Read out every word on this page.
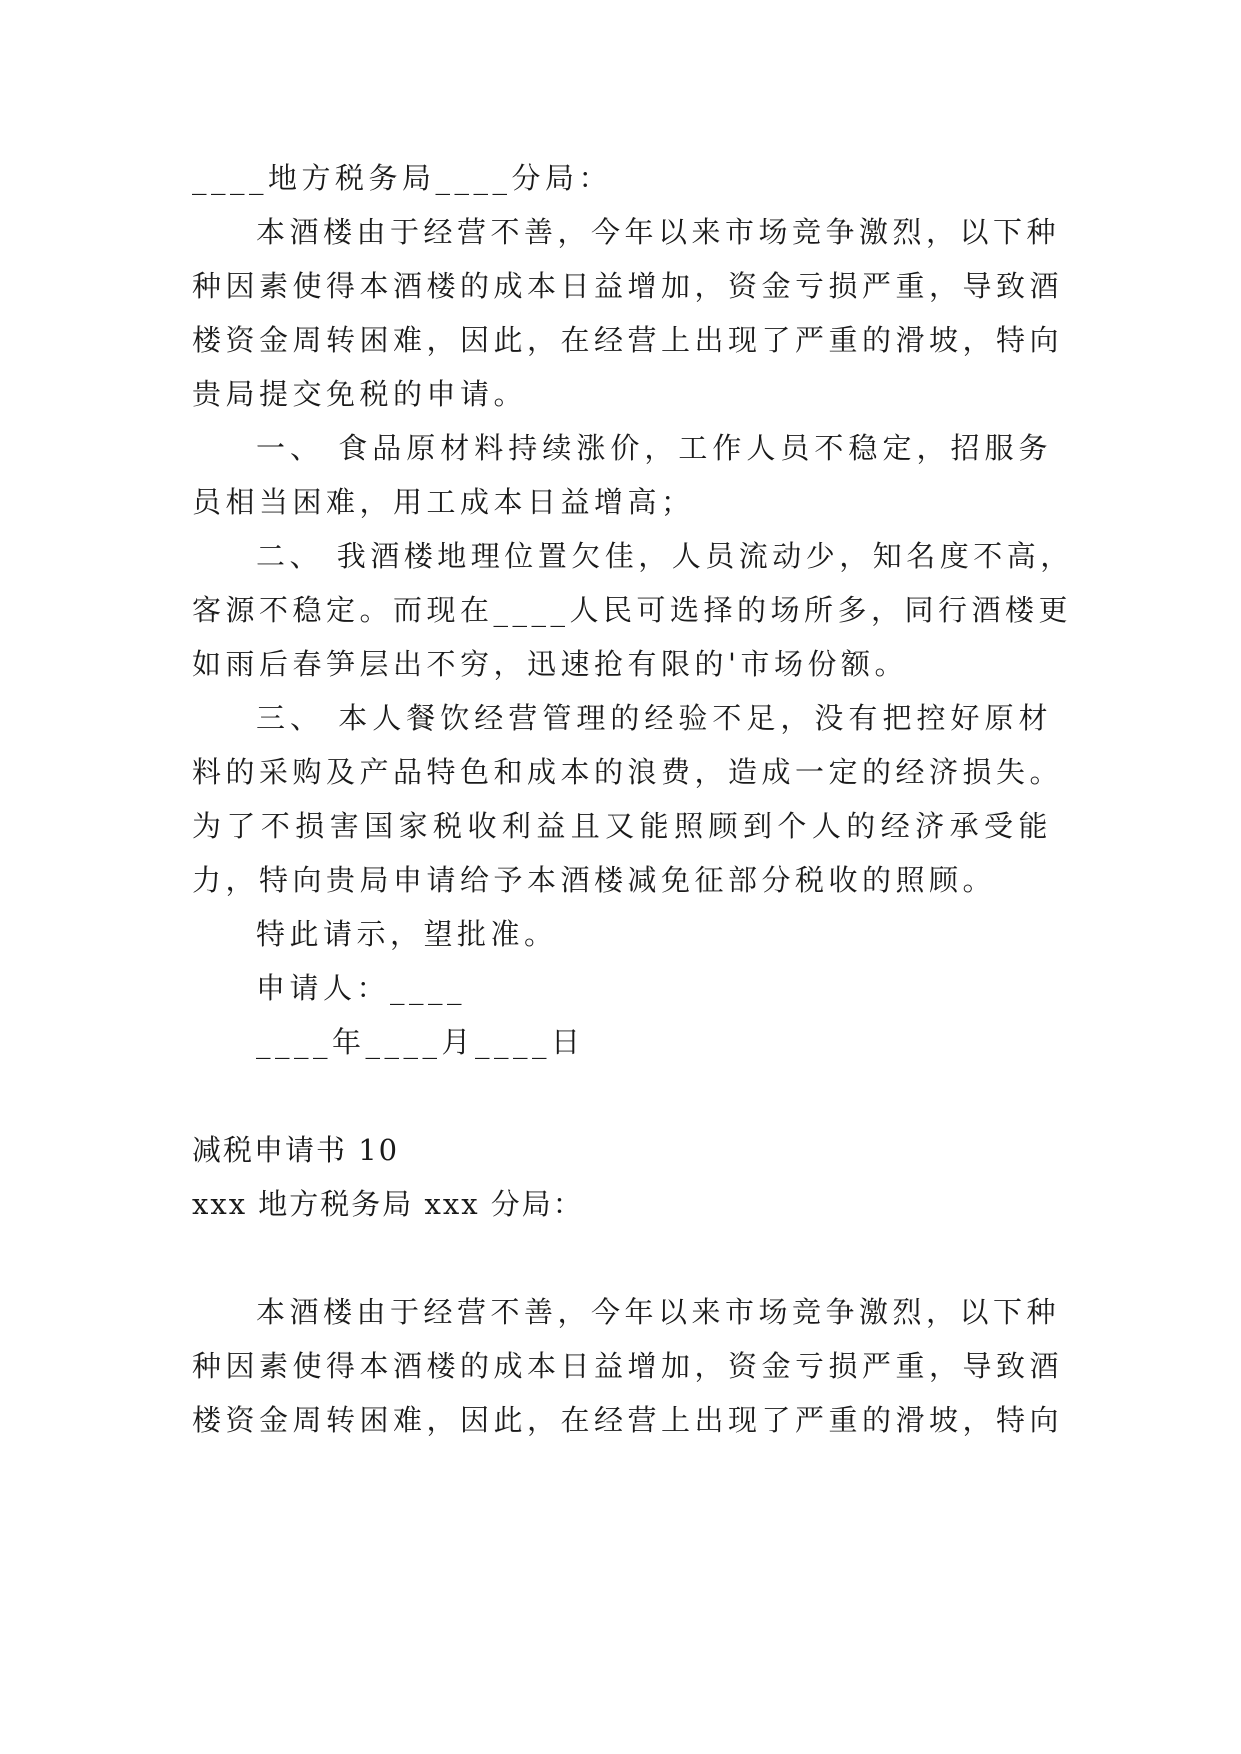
____地方税务局____分局：
本酒楼由于经营不善，今年以来市场竞争激烈，以下种
种因素使得本酒楼的成本日益增加，资金亏损严重，导致酒
楼资金周转困难，因此，在经营上出现了严重的滑坡，特向
贵局提交免税的申请。
一、 食品原材料持续涨价，工作人员不稳定，招服务
员相当困难，用工成本日益增高；
二、 我酒楼地理位置欠佳，人员流动少，知名度不高，
客源不稳定。而现在____人民可选择的场所多，同行酒楼更
如雨后春笋层出不穷，迅速抢有限的'市场份额。
三、 本人餐饮经营管理的经验不足，没有把控好原材
料的采购及产品特色和成本的浪费，造成一定的经济损失。
为了不损害国家税收利益且又能照顾到个人的经济承受能
力，特向贵局申请给予本酒楼减免征部分税收的照顾。
特此请示，望批准。
申请人：____
____年____月____日
减税申请书 10
xxx 地方税务局 xxx 分局：
本酒楼由于经营不善，今年以来市场竞争激烈，以下种
种因素使得本酒楼的成本日益增加，资金亏损严重，导致酒
楼资金周转困难，因此，在经营上出现了严重的滑坡，特向
